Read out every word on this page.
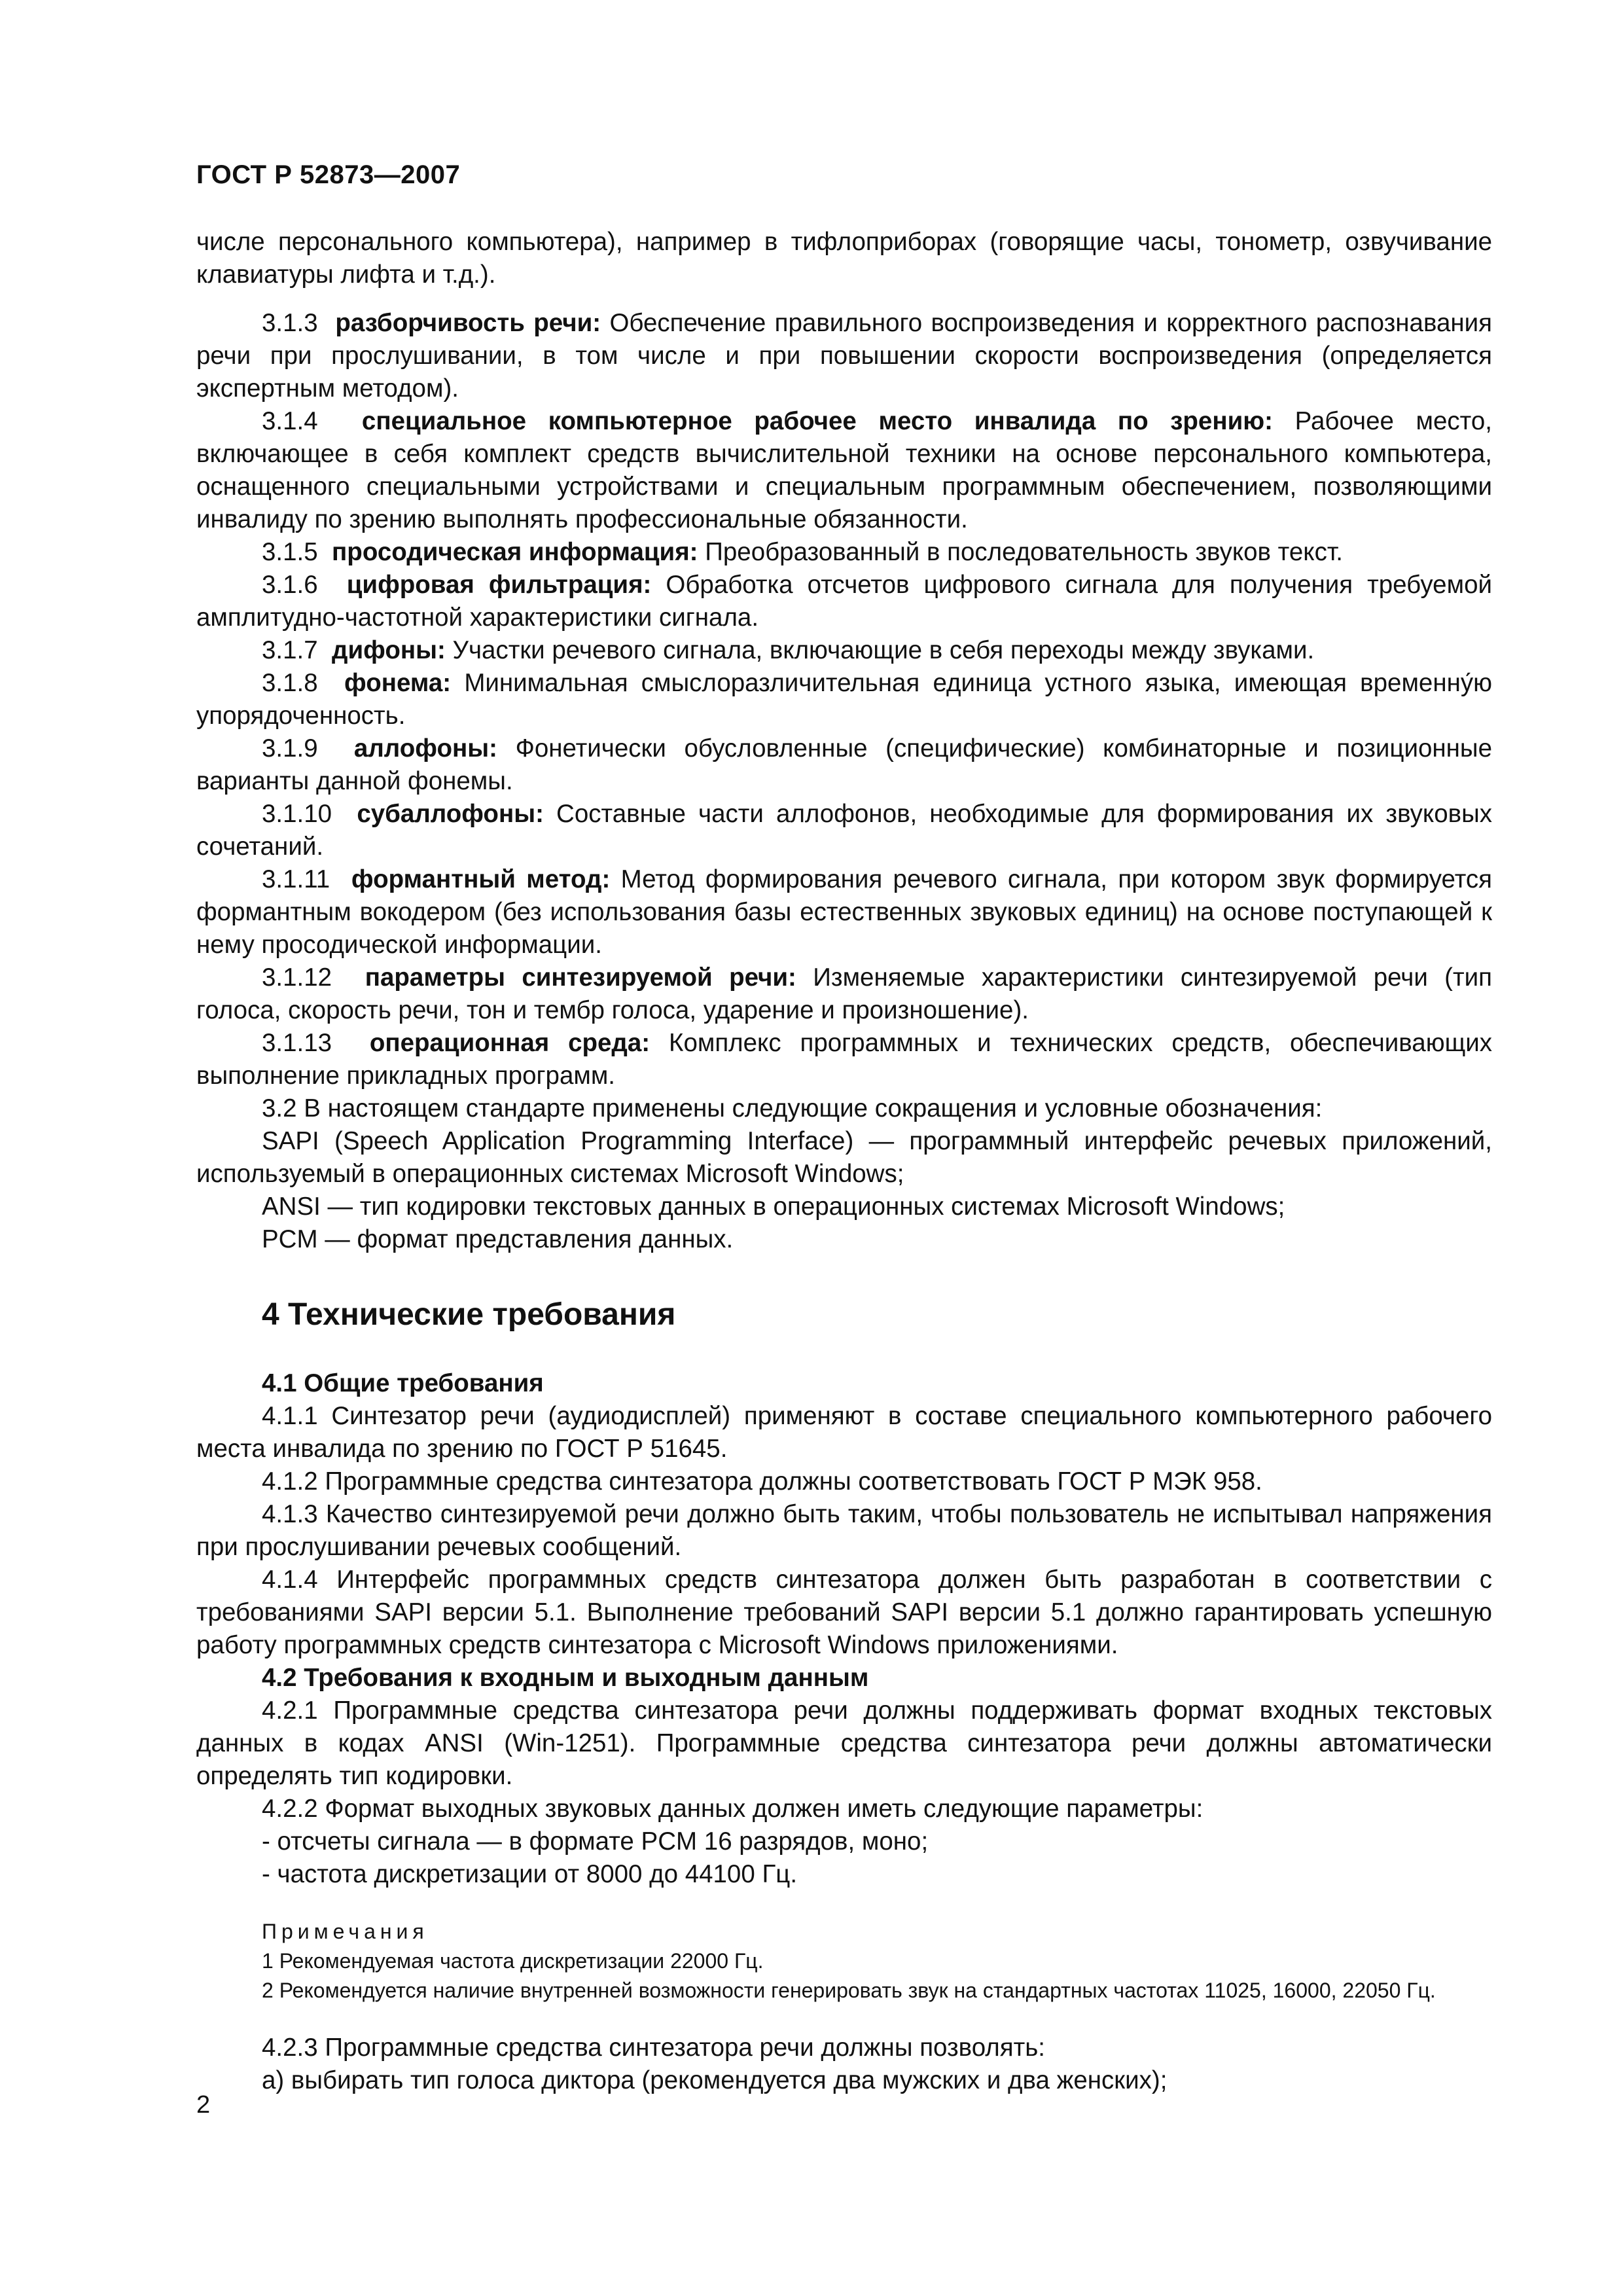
ГОСТ Р 52873—2007

числе персонального компьютера), например в тифлоприборах (говорящие часы, тонометр, озвучивание клавиатуры лифта и т.д.).

3.1.3 разборчивость речи: Обеспечение правильного воспроизведения и корректного распознавания речи при прослушивании, в том числе и при повышении скорости воспроизведения (определяется экспертным методом).

3.1.4 специальное компьютерное рабочее место инвалида по зрению: Рабочее место, включающее в себя комплект средств вычислительной техники на основе персонального компьютера, оснащенного специальными устройствами и специальным программным обеспечением, позволяющими инвалиду по зрению выполнять профессиональные обязанности.

3.1.5 просодическая информация: Преобразованный в последовательность звуков текст.

3.1.6 цифровая фильтрация: Обработка отсчетов цифрового сигнала для получения требуемой амплитудно-частотной характеристики сигнала.

3.1.7 дифоны: Участки речевого сигнала, включающие в себя переходы между звуками.

3.1.8 фонема: Минимальная смыслоразличительная единица устного языка, имеющая временну́ю упорядоченность.

3.1.9 аллофоны: Фонетически обусловленные (специфические) комбинаторные и позиционные варианты данной фонемы.

3.1.10 субаллофоны: Составные части аллофонов, необходимые для формирования их звуковых сочетаний.

3.1.11 формантный метод: Метод формирования речевого сигнала, при котором звук формируется формантным вокодером (без использования базы естественных звуковых единиц) на основе поступающей к нему просодической информации.

3.1.12 параметры синтезируемой речи: Изменяемые характеристики синтезируемой речи (тип голоса, скорость речи, тон и тембр голоса, ударение и произношение).

3.1.13 операционная среда: Комплекс программных и технических средств, обеспечивающих выполнение прикладных программ.

3.2 В настоящем стандарте применены следующие сокращения и условные обозначения:

SAPI (Speech Application Programming Interface) — программный интерфейс речевых приложений, используемый в операционных системах Microsoft Windows;

ANSI — тип кодировки текстовых данных в операционных системах Microsoft Windows;

PCM — формат представления данных.

4 Технические требования

4.1 Общие требования

4.1.1 Синтезатор речи (аудиодисплей) применяют в составе специального компьютерного рабочего места инвалида по зрению по ГОСТ Р 51645.

4.1.2 Программные средства синтезатора должны соответствовать ГОСТ Р МЭК 958.

4.1.3 Качество синтезируемой речи должно быть таким, чтобы пользователь не испытывал напряжения при прослушивании речевых сообщений.

4.1.4 Интерфейс программных средств синтезатора должен быть разработан в соответствии с требованиями SAPI версии 5.1. Выполнение требований SAPI версии 5.1 должно гарантировать успешную работу программных средств синтезатора с Microsoft Windows приложениями.

4.2 Требования к входным и выходным данным

4.2.1 Программные средства синтезатора речи должны поддерживать формат входных текстовых данных в кодах ANSI (Win-1251). Программные средства синтезатора речи должны автоматически определять тип кодировки.

4.2.2 Формат выходных звуковых данных должен иметь следующие параметры:

- отсчеты сигнала — в формате PCM 16 разрядов, моно;

- частота дискретизации от 8000 до 44100 Гц.

Примечания

1 Рекомендуемая частота дискретизации 22000 Гц.

2 Рекомендуется наличие внутренней возможности генерировать звук на стандартных частотах 11025, 16000, 22050 Гц.

4.2.3 Программные средства синтезатора речи должны позволять:

а) выбирать тип голоса диктора (рекомендуется два мужских и два женских);

2
